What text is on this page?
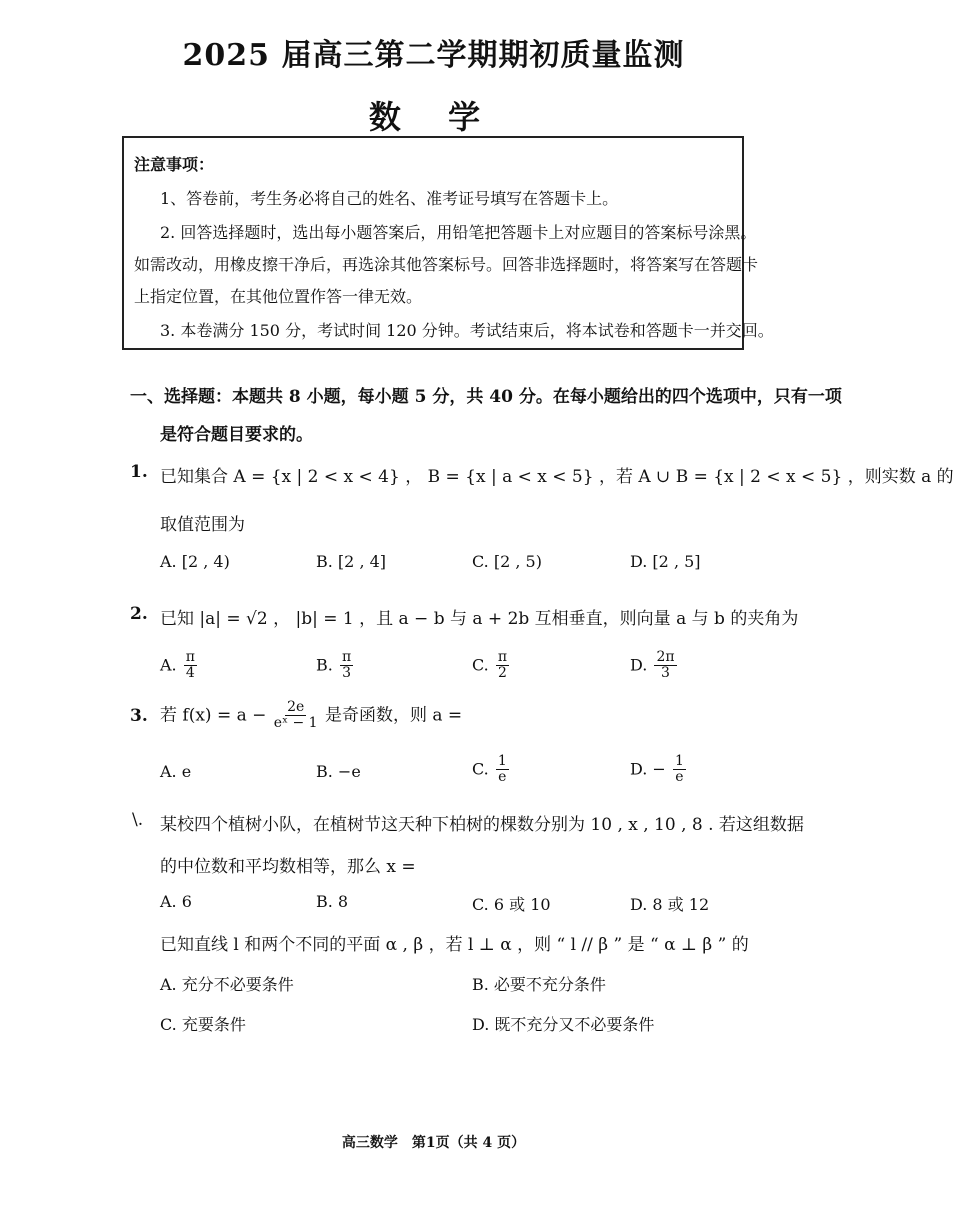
2025 届高三第二学期期初质量监测
数 学
注意事项：
1、答卷前，考生务必将自己的姓名、准考证号填写在答题卡上。
2. 回答选择题时，选出每小题答案后，用铅笔把答题卡上对应题目的答案标号涂黑。
如需改动，用橡皮擦干净后，再选涂其他答案标号。回答非选择题时，将答案写在答题卡
上指定位置，在其他位置作答一律无效。
3. 本卷满分 150 分，考试时间 120 分钟。考试结束后，将本试卷和答题卡一并交回。
一、选择题：本题共 8 小题，每小题 5 分，共 40 分。在每小题给出的四个选项中，只有一项
是符合题目要求的。
1. 已知集合 A = {x | 2 < x < 4} ， B = {x | a < x < 5} ，若 A ∪ B = {x | 2 < x < 5} ，则实数 a 的
取值范围为
A. [2 , 4)	B. [2 , 4]	C. [2 , 5)	D. [2 , 5]
2. 已知 |a| = √2 ， |b| = 1 ，且 a − b 与 a + 2b 互相垂直，则向量 a 与 b 的夹角为
A. $\frac{\pi}{4}$	B. $\frac{\pi}{3}$	C. $\frac{\pi}{2}$	D. $\frac{2\pi}{3}$
3. 若 $f(x) = a - \frac{2e}{\text{eˣ − 1}}$ 是奇函数，则 a =
A. e	B. −e	C. $\frac{1}{e}$	D. − $\frac{1}{e}$
\. 某校四个植树小队，在植树节这天种下柏树的棵数分别为 10 , x , 10 , 8 . 若这组数据
的中位数和平均数相等，那么 x =
A. 6	B. 8	C. 6 或 10	D. 8 或 12
已知直线 l 和两个不同的平面 α , β ，若 l ⊥ α ，则 “ l // β ” 是 “ α ⊥ β ” 的
A. 充分不必要条件	B. 必要不充分条件
C. 充要条件	D. 既不充分又不必要条件
高三数学　第1页（共 4 页）
